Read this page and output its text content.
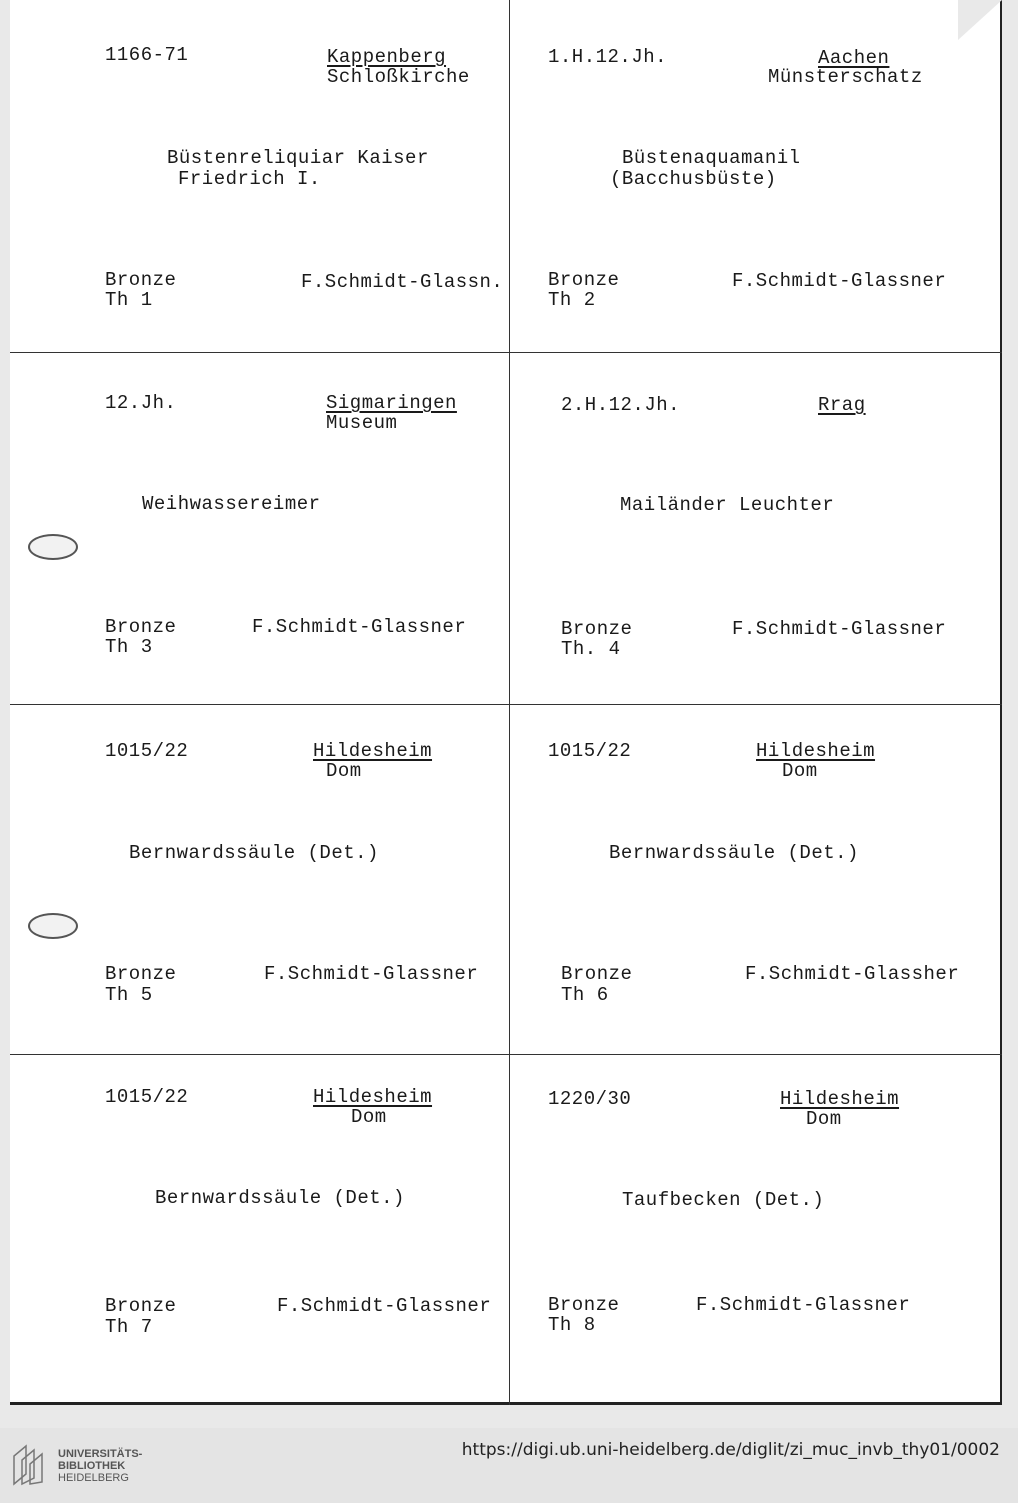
1166-71	Kappenberg
Schloßkirche
Büstenreliquiar Kaiser
Friedrich I.
Bronze
Th 1
F.Schmidt-Glassn.
1.H.12.Jh.	Aachen
Münsterschatz
Büstenaquamanil
(Bacchusbüste)
Bronze
Th 2
F.Schmidt-Glassner
12.Jh.	Sigmaringen
Museum
Weihwassereimer
Bronze
Th 3
F.Schmidt-Glassner
2.H.12.Jh.	Rrag
Mailänder Leuchter
Bronze
Th. 4
F.Schmidt-Glassner
1015/22	Hildesheim
Dom
Bernwardssäule (Det.)
Bronze
Th 5
F.Schmidt-Glassner
1015/22	Hildesheim
Dom
Bernwardssäule (Det.)
Bronze
Th 6
F.Schmidt-Glassher
1015/22	Hildesheim
Dom
Bernwardssäule (Det.)
Bronze
Th 7
F.Schmidt-Glassner
1220/30	Hildesheim
Dom
Taufbecken (Det.)
Bronze
Th 8
F.Schmidt-Glassner
UNIVERSITÄTS-
BIBLIOTHEK
HEIDELBERG
https://digi.ub.uni-heidelberg.de/diglit/zi_muc_invb_thy01/0002
